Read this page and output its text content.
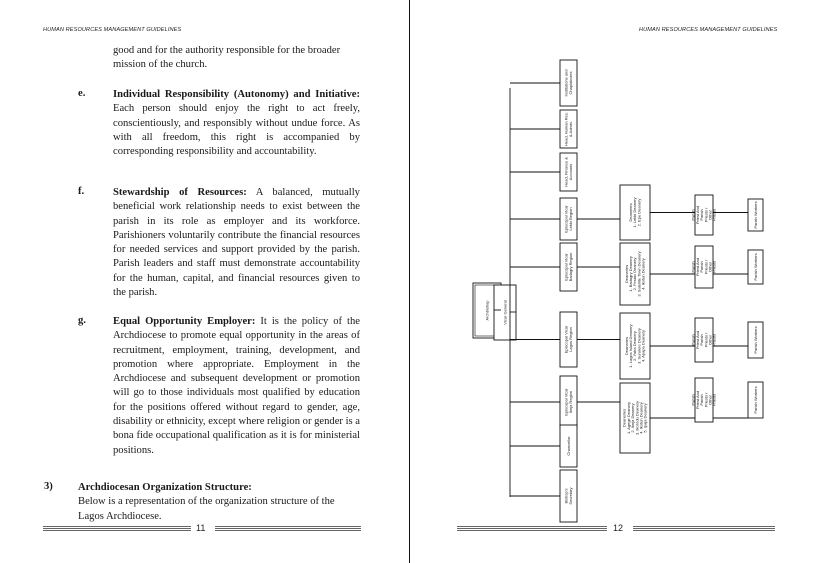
HUMAN RESOURCES MANAGEMENT GUIDELINES
good and for the authority responsible for the broader
mission of the church.
e.	Individual Responsibility (Autonomy) and Initiative: Each person should enjoy the right to act freely, conscientiously, and responsibly without undue force. As with all freedom, this right is accompanied by corresponding responsibility and accountability.
f.	Stewardship of Resources: A balanced, mutually beneficial work relationship needs to exist between the parish in its role as employer and its workforce. Parishioners voluntarily contribute the financial resources for needed services and support provided by the parish. Parish leaders and staff must demonstrate accountability for the human, capital, and financial resources given to the parish.
g.	Equal Opportunity Employer: It is the policy of the Archdiocese to promote equal opportunity in the areas of recruitment, employment, training, development, and promotion where appropriate. Employment in the Archdiocese and subsequent development or promotion will go to those individuals most qualified by education for the positions offered without regard to gender, age, disability or ethnicity, except where religion or gender is a bona fide occupational qualification as it is for ministerial positions.
3) Archdiocesan Organization Structure:
Below is a representation of the organization structure of the Lagos Archdiocese.
11
HUMAN RESOURCES MANAGEMENT GUIDELINES
Archbishop	Vicar General
Institutions andChaplaincies
Head, Human Res.& Admin.
Head, Finance &Accounts
Episcopal VicarLekki Region
Episcopal VicarBadagry Region
Episcopal VicarLagos Region
Episcopal VicarIkeja Region
Chancellor
Bishop'sSecretary
Deaneries1. Lekki Deanery2. Epe Deanery	ParishPriest AndParishPriests /OtherPriests	Parish Workers
Deaneries1. Badagry Deanery2. Festac Deanery3. Satellite Town Deanery4. Ikotun Deanery	ParishPriest AndParishPriests /OtherPriests	Parish Workers
Deaneries1. Lagos Island Deanery2. Yaba Deanery3. Surulere Deanery4. Apapa Deanery	ParishPriest AndParishPriests /OtherPriests	Parish Workers
Deaneries1. Agege Deanery2. Ikeja Deanery3. Ikorodu Deanery4. Ikotun Deanery5. Ipaja Deanery
ParishPriest AndParishPriests /OtherPriests	Parish Workers
12
